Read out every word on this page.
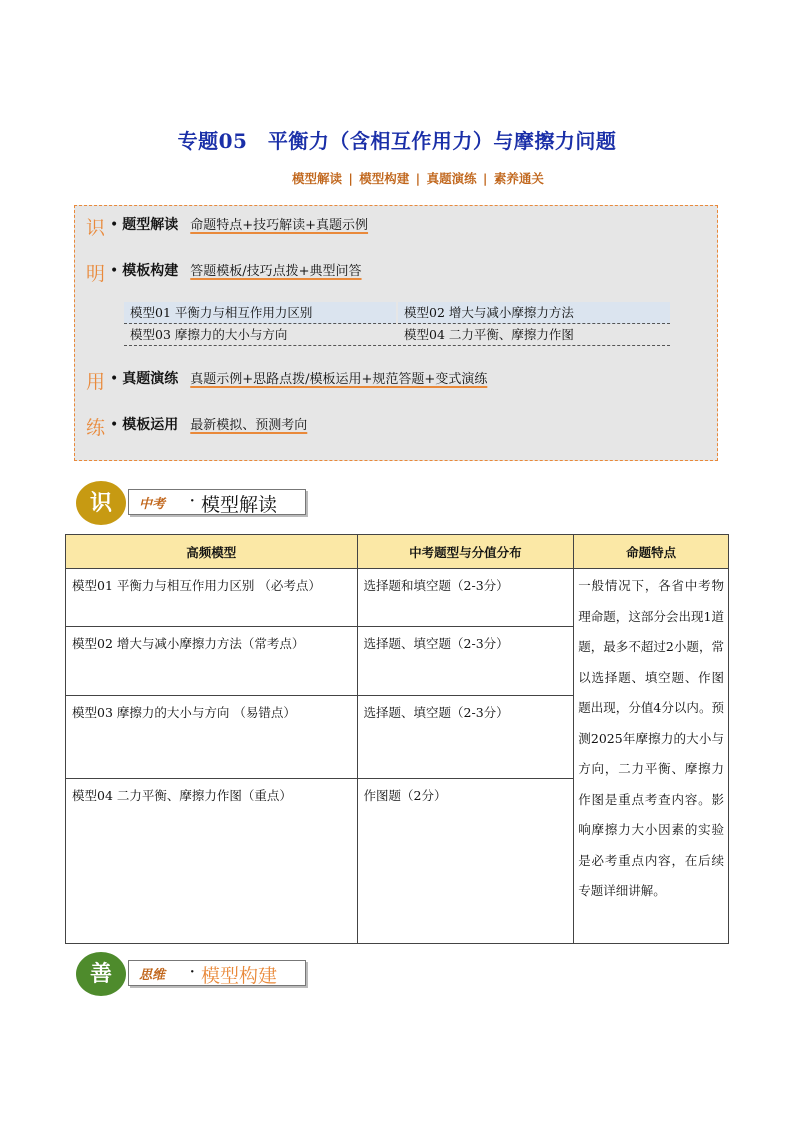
专题05　平衡力（含相互作用力）与摩擦力问题
模型解读 | 模型构建 | 真题演练 | 素养通关
识
明
用
练
• 题型解读 命题特点+技巧解读+真题示例
• 模板构建 答题模板/技巧点拨+典型问答
• 真题演练 真题示例+思路点拨/模板运用+规范答题+变式演练
• 模板运用 最新模拟、预测考向
模型01 平衡力与相互作用力区别	模型02 增大与减小摩擦力方法
模型03 摩擦力的大小与方向	模型04 二力平衡、摩擦力作图
识	中考 模型解读
·
高频模型	中考题型与分值分布	命题特点
模型01 平衡力与相互作用力区别 （必考点）	选择题和填空题（2-3分）	一般情况下，各省中考物理命题，这部分会出现1道题，最多不超过2小题，常以选择题、填空题、作图题出现，分值4分以内。预测2025年摩擦力的大小与方向，二力平衡、摩擦力作图是重点考查内容。影响摩擦力大小因素的实验是必考重点内容，在后续专题详细讲解。
模型02 增大与减小摩擦力方法（常考点）	选择题、填空题（2-3分）	
模型03 摩擦力的大小与方向 （易错点）	选择题、填空题（2-3分）	
模型04 二力平衡、摩擦力作图（重点）	作图题（2分）	
善	思维 模型构建
·
